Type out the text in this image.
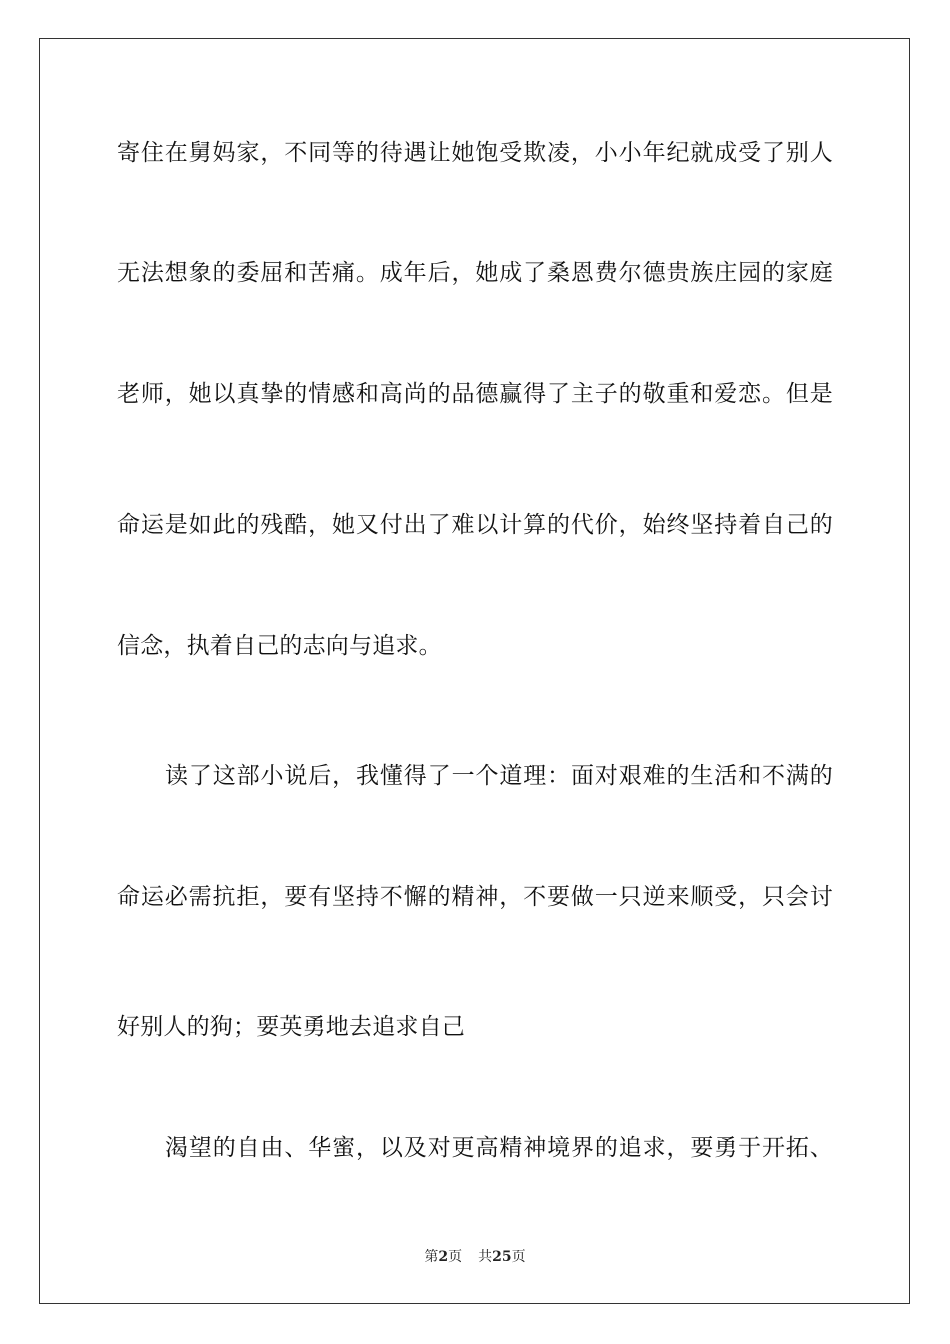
寄住在舅妈家，不同等的待遇让她饱受欺凌，小小年纪就成受了别人
无法想象的委屈和苦痛。成年后，她成了桑恩费尔德贵族庄园的家庭
老师，她以真挚的情感和高尚的品德赢得了主子的敬重和爱恋。但是
命运是如此的残酷，她又付出了难以计算的代价，始终坚持着自己的
信念，执着自己的志向与追求。
读了这部小说后，我懂得了一个道理：面对艰难的生活和不满的
命运必需抗拒，要有坚持不懈的精神，不要做一只逆来顺受，只会讨
好别人的狗；要英勇地去追求自己
渴望的自由、华蜜，以及对更高精神境界的追求，要勇于开拓、
第2页 共25页
